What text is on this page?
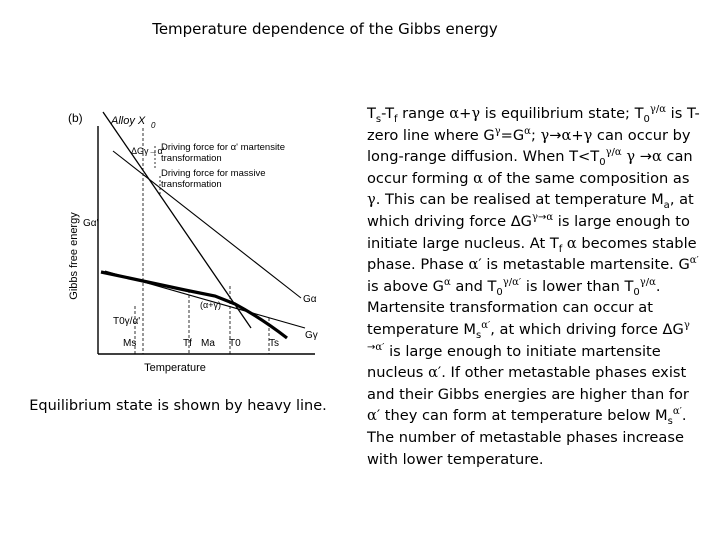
Temperature dependence of the Gibbs energy
(b)	Alloy X 0
Gibbs free energy
ΔGγ→α'
Driving force for α' martensite transformation
Driving force for massive transformation
Gα'
Gα
Gγ
T0γ/α'
(α+γ)
Ms	Tf Ma T0	Ts
Temperature
Equilibrium state is shown by heavy line.

$T_s-T_f$ range α+γ is equilibrium state; $T_0^{\gamma/\alpha}$ is T-zero line where $G^\gamma=G^\alpha$; γ→α+γ can occur by long-range diffusion. When $T<T_0^{\gamma/\alpha}$ γ →α can occur forming α of the same composition as γ. This can be realised at temperature $M_a$, at which driving force $\Delta G^{\gamma\to\alpha}$ is large enough to initiate large nucleus. At $T_f$ α becomes stable phase. Phase α′ is metastable martensite. $G^{\alpha'}$ is above $G^\alpha$ and $T_0^{\gamma/\alpha'}$ is lower than $T_0^{\gamma/\alpha}$. Martensite transformation can occur at temperature $M_s^{\alpha'}$, at which driving force $\Delta G^{\gamma \to\alpha'}$ is large enough to initiate martensite nucleus α′. If other metastable phases exist and their Gibbs energies are higher than for α′ they can form at temperature below $M_s^{\alpha'}$. The number of metastable phases increase with lower temperature.
